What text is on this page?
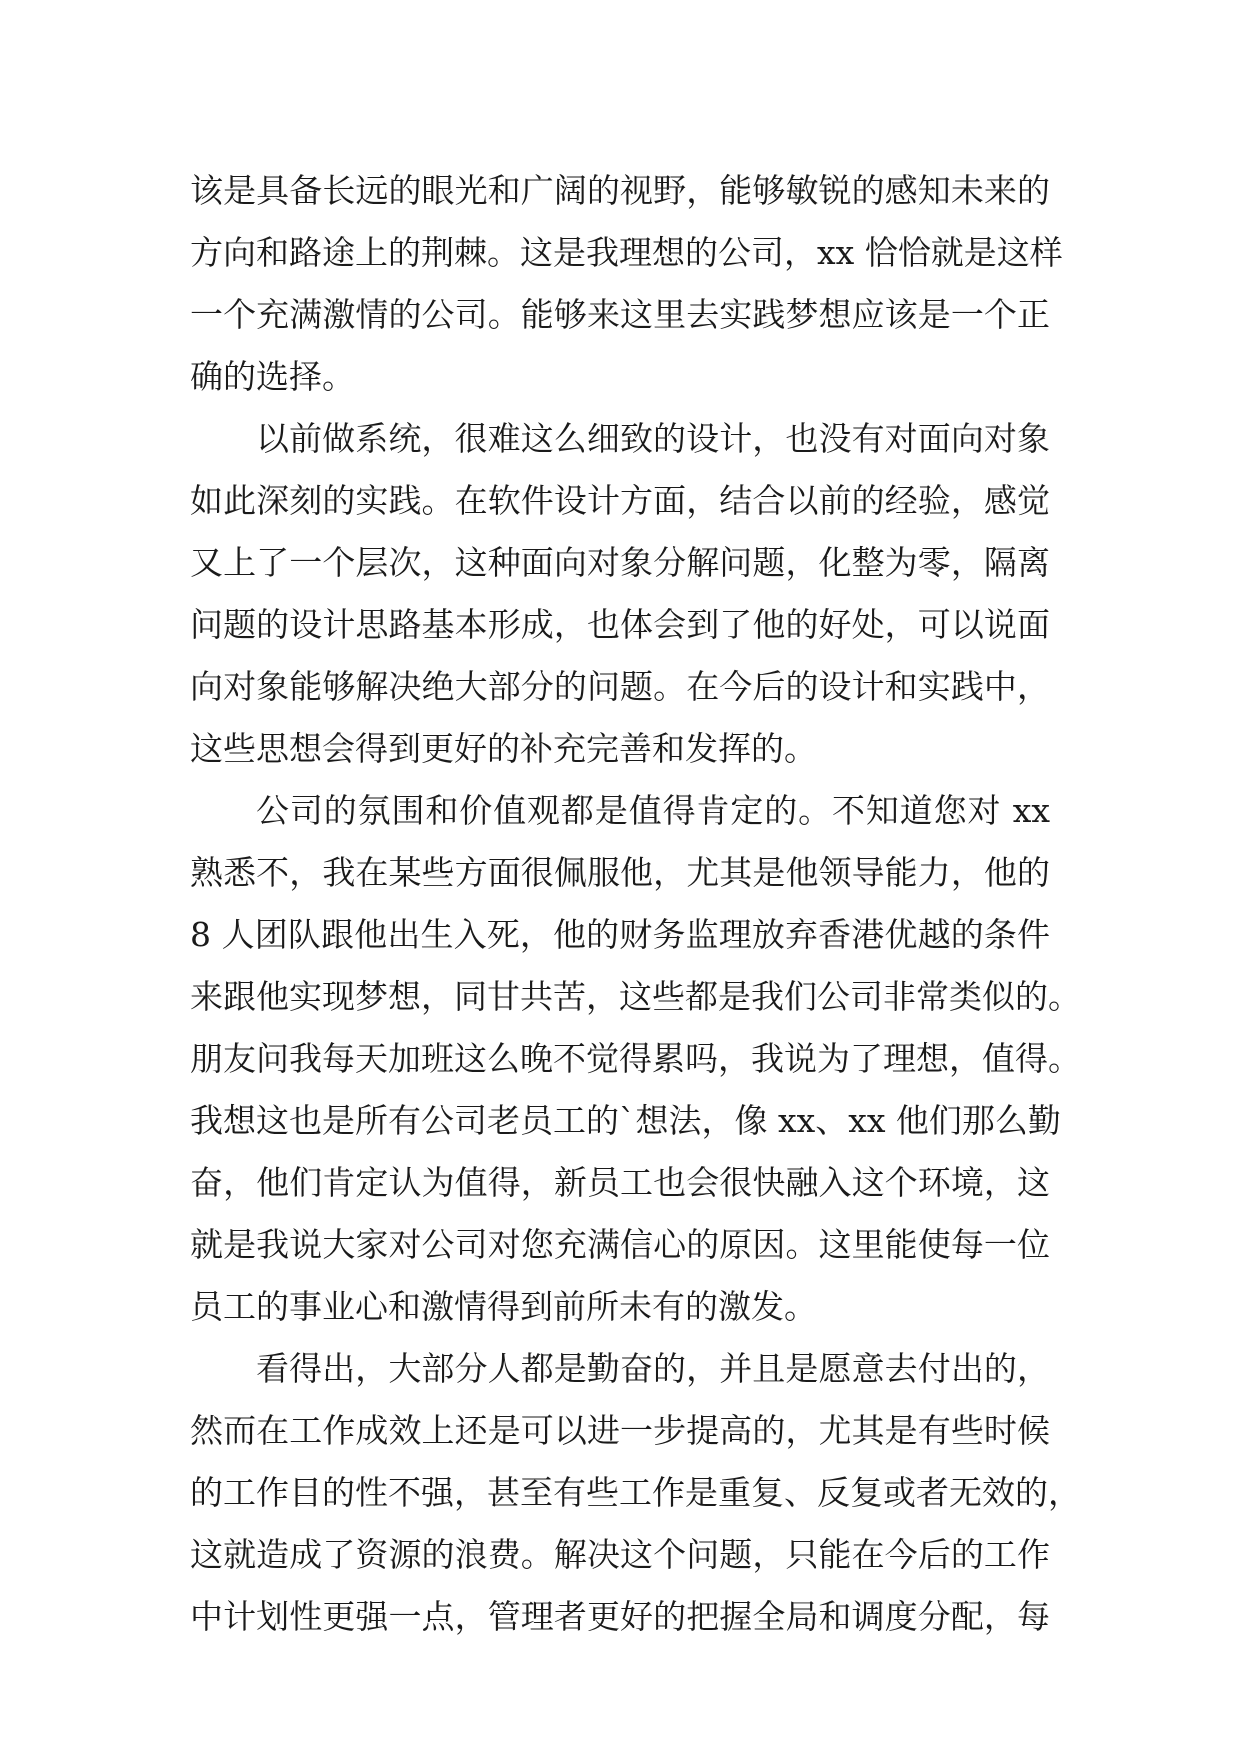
该是具备长远的眼光和广阔的视野，能够敏锐的感知未来的
方向和路途上的荆棘。这是我理想的公司，xx 恰恰就是这样
一个充满激情的公司。能够来这里去实践梦想应该是一个正
确的选择。
以前做系统，很难这么细致的设计，也没有对面向对象
如此深刻的实践。在软件设计方面，结合以前的经验，感觉
又上了一个层次，这种面向对象分解问题，化整为零，隔离
问题的设计思路基本形成，也体会到了他的好处，可以说面
向对象能够解决绝大部分的问题。在今后的设计和实践中，
这些思想会得到更好的补充完善和发挥的。
公司的氛围和价值观都是值得肯定的。不知道您对 xx
熟悉不，我在某些方面很佩服他，尤其是他领导能力，他的
8 人团队跟他出生入死，他的财务监理放弃香港优越的条件
来跟他实现梦想，同甘共苦，这些都是我们公司非常类似的。
朋友问我每天加班这么晚不觉得累吗，我说为了理想，值得。
我想这也是所有公司老员工的`想法，像 xx、xx 他们那么勤
奋，他们肯定认为值得，新员工也会很快融入这个环境，这
就是我说大家对公司对您充满信心的原因。这里能使每一位
员工的事业心和激情得到前所未有的激发。
看得出，大部分人都是勤奋的，并且是愿意去付出的，
然而在工作成效上还是可以进一步提高的，尤其是有些时候
的工作目的性不强，甚至有些工作是重复、反复或者无效的，
这就造成了资源的浪费。解决这个问题，只能在今后的工作
中计划性更强一点，管理者更好的把握全局和调度分配，每
